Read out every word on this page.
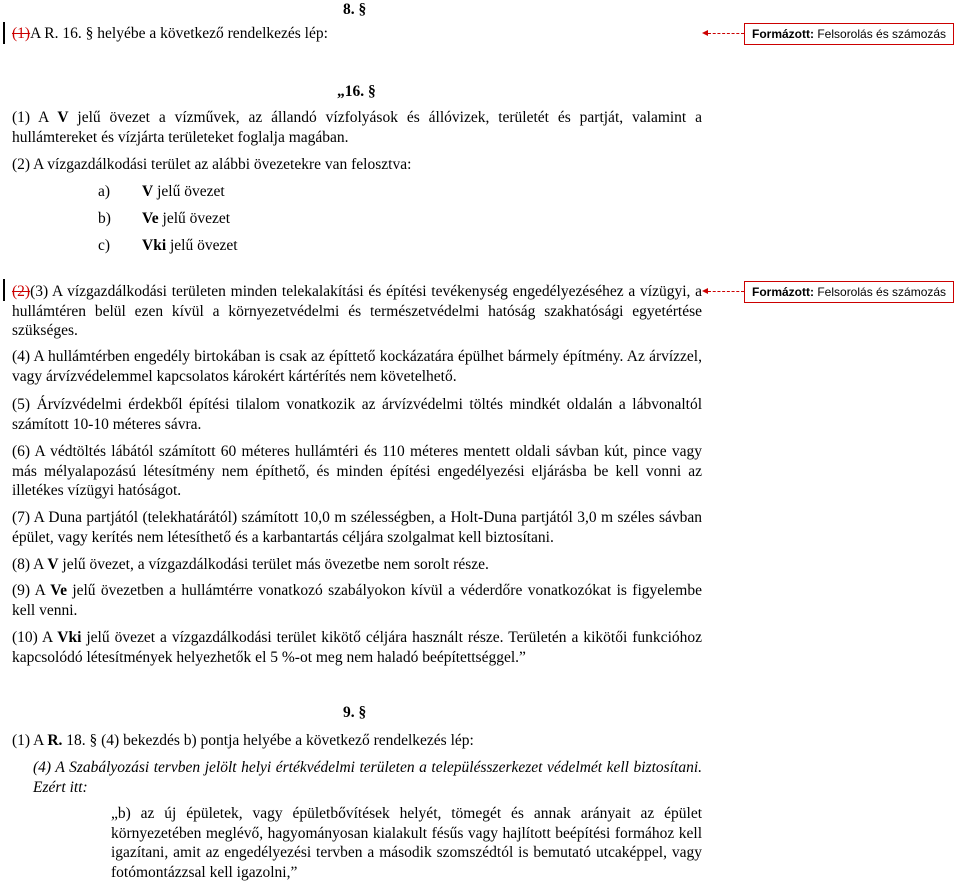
8. §
(1)A R. 16. § helyébe a következő rendelkezés lép:	Formázott: Felsorolás és számozás
„16. §
(1) A V jelű övezet a vízművek, az állandó vízfolyások és állóvizek, területét és partját, valamint a hullámtereket és vízjárta területeket foglalja magában.
(2) A vízgazdálkodási terület az alábbi övezetekre van felosztva:
a) V jelű övezet
b) Ve jelű övezet
c) Vki jelű övezet
(2)(3) A vízgazdálkodási területen minden telekalakítási és építési tevékenység engedélyezéséhez a vízügyi, a hullámtéren belül ezen kívül a környezetvédelmi és természetvédelmi hatóság szakhatósági egyetértése szükséges.
Formázott: Felsorolás és számozás
(4) A hullámtérben engedély birtokában is csak az építtető kockázatára épülhet bármely építmény. Az árvízzel, vagy árvízvédelemmel kapcsolatos károkért kártérítés nem követelhető.
(5) Árvízvédelmi érdekből építési tilalom vonatkozik az árvízvédelmi töltés mindkét oldalán a lábvonaltól számított 10-10 méteres sávra.
(6) A védtöltés lábától számított 60 méteres hullámtéri és 110 méteres mentett oldali sávban kút, pince vagy más mélyalapozású létesítmény nem építhető, és minden építési engedélyezési eljárásba be kell vonni az illetékes vízügyi hatóságot.
(7) A Duna partjától (telekhatárától) számított 10,0 m szélességben, a Holt-Duna partjától 3,0 m széles sávban épület, vagy kerítés nem létesíthető és a karbantartás céljára szolgalmat kell biztosítani.
(8) A V jelű övezet, a vízgazdálkodási terület más övezetbe nem sorolt része.
(9) A Ve jelű övezetben a hullámtérre vonatkozó szabályokon kívül a véderdőre vonatkozókat is figyelembe kell venni.
(10) A Vki jelű övezet a vízgazdálkodási terület kikötő céljára használt része. Területén a kikötői funkcióhoz kapcsolódó létesítmények helyezhetők el 5 %-ot meg nem haladó beépítettséggel.”
9. §
(1) A R. 18. § (4) bekezdés b) pontja helyébe a következő rendelkezés lép:
(4) A Szabályozási tervben jelölt helyi értékvédelmi területen a településszerkezet védelmét kell biztosítani. Ezért itt:
„b) az új épületek, vagy épületbővítések helyét, tömegét és annak arányait az épület környezetében meglévő, hagyományosan kialakult fésűs vagy hajlított beépítési formához kell igazítani, amit az engedélyezési tervben a második szomszédtól is bemutató utcaképpel, vagy fotómontázzsal kell igazolni,”
